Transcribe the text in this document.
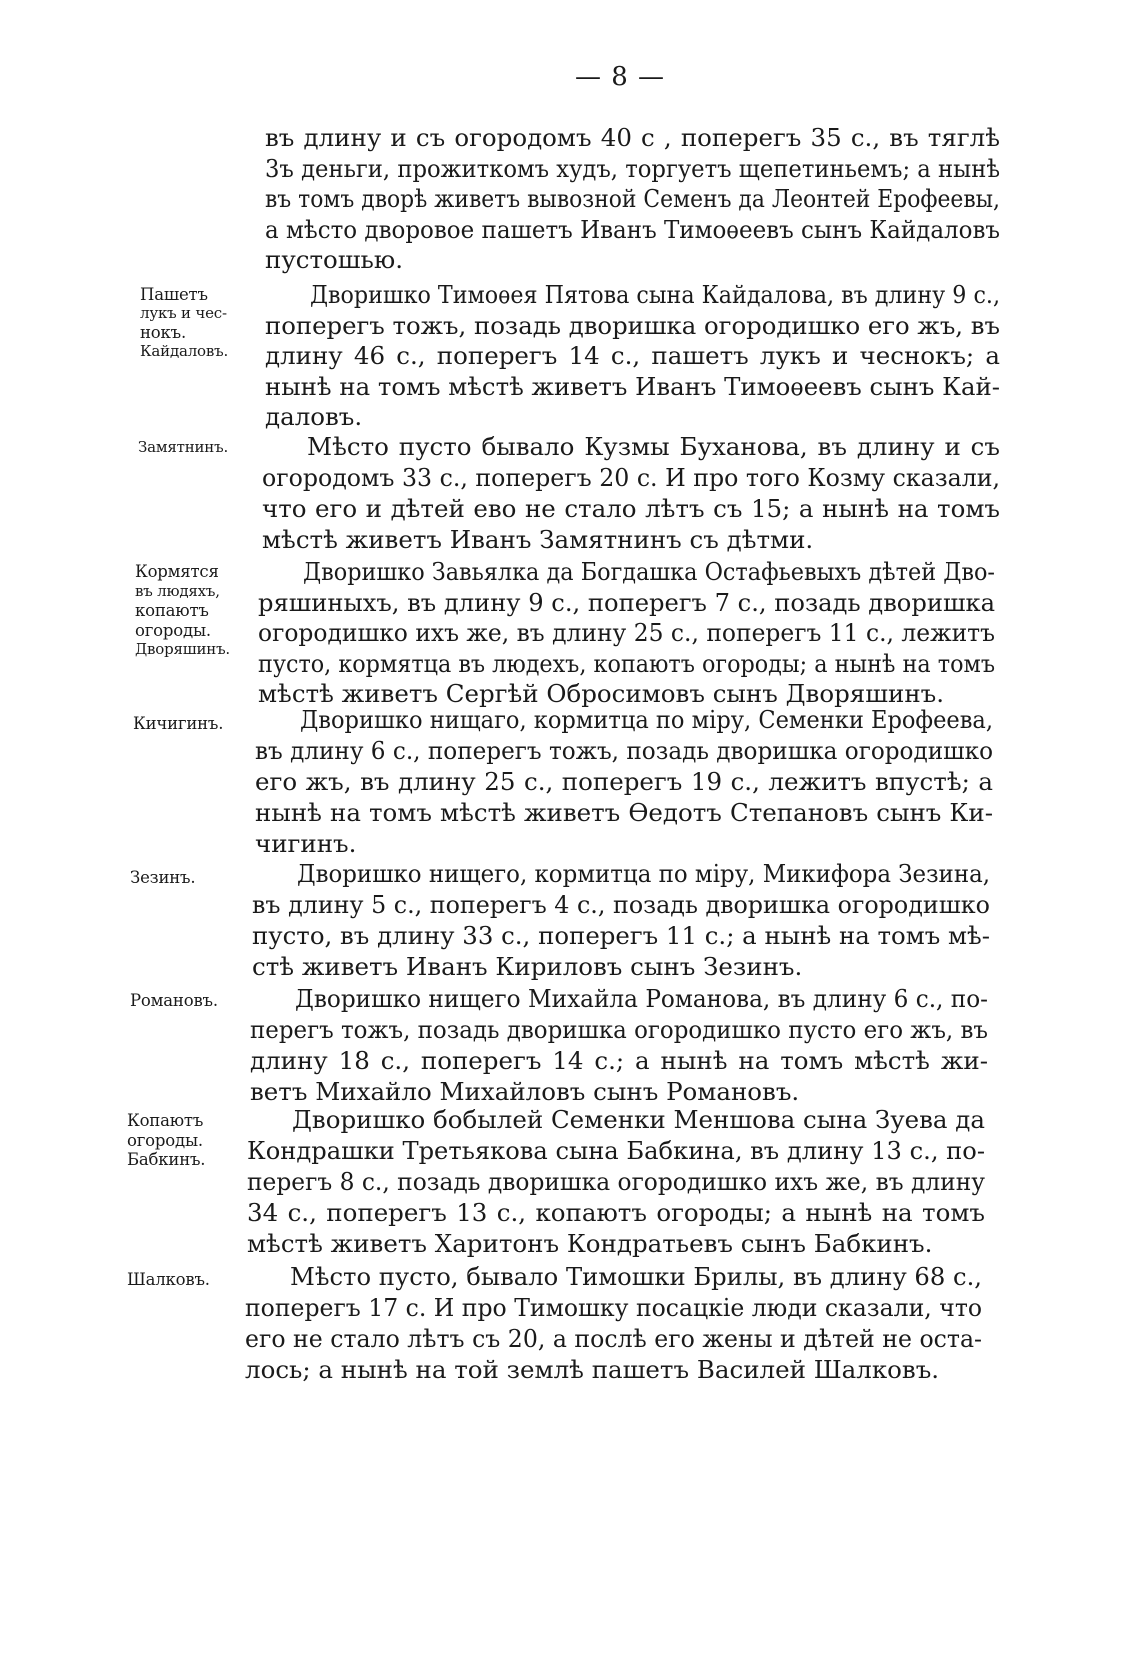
— 8 —
въ длину и съ огородомъ 40 с , поперегъ 35 с., въ тяглѣ
3ъ деньги, прожиткомъ худъ, торгуетъ щепетиньемъ; а нынѣ
въ томъ дворѣ живетъ вывозной Семенъ да Леонтей Ерофеевы,
а мѣсто дворовое пашетъ Иванъ Тимоѳеевъ сынъ Кайдаловъ
пустошью.
Пашетъ
лукъ и чес-
нокъ.
Кайдаловъ.
Дворишко Тимоѳея Пятова сына Кайдалова, въ длину 9 с.,
поперегъ тожъ, позадь дворишка огородишко его жъ, въ
длину 46 с., поперегъ 14 с., пашетъ лукъ и чеснокъ; а
нынѣ на томъ мѣстѣ живетъ Иванъ Тимоѳеевъ сынъ Кай-
даловъ.
Замятнинъ.	Мѣсто пусто бывало Кузмы Буханова, въ длину и съ
огородомъ 33 с., поперегъ 20 с. И про того Козму сказали,
что его и дѣтей ево не стало лѣтъ съ 15; а нынѣ на томъ
мѣстѣ живетъ Иванъ Замятнинъ съ дѣтми.
Кормятся
въ людяхъ,
копаютъ
огороды.
Дворяшинъ.
Дворишко Завьялка да Богдашка Остафьевыхъ дѣтей Дво-
ряшиныхъ, въ длину 9 с., поперегъ 7 с., позадь дворишка
огородишко ихъ же, въ длину 25 с., поперегъ 11 с., лежитъ
пусто, кормятца въ людехъ, копаютъ огороды; а нынѣ на томъ
мѣстѣ живетъ Сергѣй Обросимовъ сынъ Дворяшинъ.
Кичигинъ.	Дворишко нищаго, кормитца по міру, Семенки Ерофеева,
въ длину 6 с., поперегъ тожъ, позадь дворишка огородишко
его жъ, въ длину 25 с., поперегъ 19 с., лежитъ впустѣ; а
нынѣ на томъ мѣстѣ живетъ Ѳедотъ Степановъ сынъ Ки-
чигинъ.
Зезинъ.	Дворишко нищего, кормитца по міру, Микифора Зезина,
въ длину 5 с., поперегъ 4 с., позадь дворишка огородишко
пусто, въ длину 33 с., поперегъ 11 с.; а нынѣ на томъ мѣ-
стѣ живетъ Иванъ Кириловъ сынъ Зезинъ.
Романовъ.	Дворишко нищего Михайла Романова, въ длину 6 с., по-
перегъ тожъ, позадь дворишка огородишко пусто его жъ, въ
длину 18 с., поперегъ 14 с.; а нынѣ на томъ мѣстѣ жи-
ветъ Михайло Михайловъ сынъ Романовъ.
Копаютъ
огороды.
Бабкинъ.
Дворишко бобылей Семенки Меншова сына Зуева да
Кондрашки Третьякова сына Бабкина, въ длину 13 с., по-
перегъ 8 с., позадь дворишка огородишко ихъ же, въ длину
34 с., поперегъ 13 с., копаютъ огороды; а нынѣ на томъ
мѣстѣ живетъ Харитонъ Кондратьевъ сынъ Бабкинъ.
Шалковъ.	Мѣсто пусто, бывало Тимошки Брилы, въ длину 68 с.,
поперегъ 17 с. И про Тимошку посацкіе люди сказали, что
его не стало лѣтъ съ 20, а послѣ его жены и дѣтей не оста-
лось; а нынѣ на той землѣ пашетъ Василей Шалковъ.
